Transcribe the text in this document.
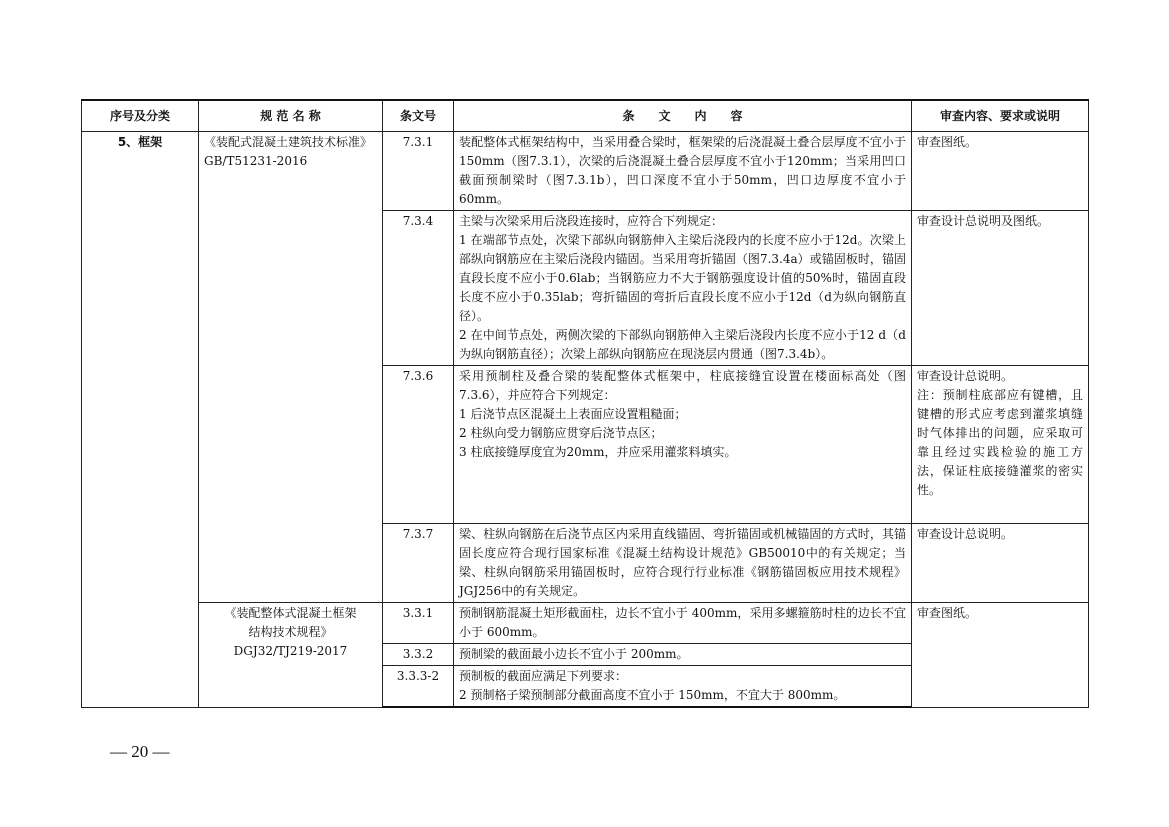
序号及分类	规 范 名 称	条文号	条　　文　　内　　容	审查内容、要求或说明
5、框架	《装配式混凝土建筑技术标准》GB/T51231-2016	7.3.1	装配整体式框架结构中，当采用叠合梁时，框架梁的后浇混凝土叠合层厚度不宜小于150mm（图7.3.1），次梁的后浇混凝土叠合层厚度不宜小于120mm；当采用凹口截面预制梁时（图7.3.1b），凹口深度不宜小于50mm，凹口边厚度不宜小于60mm。	审查图纸。

		7.3.4	主梁与次梁采用后浇段连接时，应符合下列规定：
1 在端部节点处，次梁下部纵向钢筋伸入主梁后浇段内的长度不应小于12d。次梁上部纵向钢筋应在主梁后浇段内锚固。当采用弯折锚固（图7.3.4a）或锚固板时，锚固直段长度不应小于0.6lab；当钢筋应力不大于钢筋强度设计值的50%时，锚固直段长度不应小于0.35lab；弯折锚固的弯折后直段长度不应小于12d（d为纵向钢筋直径）。
2 在中间节点处，两侧次梁的下部纵向钢筋伸入主梁后浇段内长度不应小于12 d（d为纵向钢筋直径）；次梁上部纵向钢筋应在现浇层内贯通（图7.3.4b）。	审查设计总说明及图纸。

		7.3.6	采用预制柱及叠合梁的装配整体式框架中，柱底接缝宜设置在楼面标高处（图7.3.6），并应符合下列规定：
1 后浇节点区混凝土上表面应设置粗糙面；
2 柱纵向受力钢筋应贯穿后浇节点区；
3 柱底接缝厚度宜为20mm，并应采用灌浆料填实。	审查设计总说明。
注：预制柱底部应有键槽，且键槽的形式应考虑到灌浆填缝时气体排出的问题，应采取可靠且经过实践检验的施工方法，保证柱底接缝灌浆的密实性。

		7.3.7	梁、柱纵向钢筋在后浇节点区内采用直线锚固、弯折锚固或机械锚固的方式时，其锚固长度应符合现行国家标准《混凝土结构设计规范》GB50010中的有关规定；当梁、柱纵向钢筋采用锚固板时，应符合现行行业标准《钢筋锚固板应用技术规程》JGJ256中的有关规定。	审查设计总说明。

	《装配整体式混凝土框架
结构技术规程》
DGJ32/TJ219-2017	3.3.1	预制钢筋混凝土矩形截面柱，边长不宜小于 400mm，采用多螺箍筋时柱的边长不宜小于 600mm。	审查图纸。

		3.3.2	预制梁的截面最小边长不宜小于 200mm。	

		3.3.3-2	预制板的截面应满足下列要求：
2 预制格子梁预制部分截面高度不宜小于 150mm，不宜大于 800mm。	
— 20 —
